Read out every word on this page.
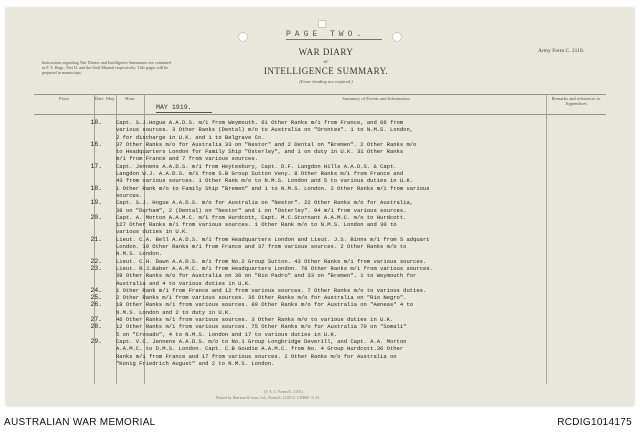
PAGE TWO.
WAR DIARY
or
INTELLIGENCE SUMMARY.
(Erase heading not required.)
Army Form C. 2118.
Instructions regarding War Diaries and Intelligence Summaries are contained in F. S. Regs., Part II. and the Staff Manual respectively. Title pages will be prepared in manuscript.
Place	Date. May.	Hour	Summary of Events and Information	Remarks and references to Appendices
MAY 1919.
18.	Capt. S.J.Hogue A.A.D.S. m/i from Weymouth. 61 Other Ranks m/i from France, and 66 from
various sources. 3 Other Ranks (Dental) m/o to Australia on "Orontes". 1 to N.M.S. London,
2 for discharge in U.K. and 1 to Belgrave Co.
16.	37 Other Ranks m/o for Australia 33 on "Nestor" and 2 Dental on "Bremen". 2 Other Ranks m/o
to Headquarters London for Family Ship "Osterley", and 1 on duty in U.K. 31 Other Ranks
m/i from France and 7 from various sources.
17.	Capt. Jennens A.A.D.S. m/i from Heytesbury, Capt. D.F. Langdon Hills A.A.D.S. & Capt.
Langdon W.J. A.A.D.S. m/i from S.B Group Sutton Veny. 8 Other Ranks m/i from France and
43 from various sources. 1 Other Rank m/o to N.M.S. London and 5 to various duties in U.K.
18.	1 Other Rank m/o to Family Ship "Bremen" and 1 to N.M.S. London. 2 Other Ranks m/i from various
sources.
19.	Capt. S.J. Hogue A.A.D.S. m/o for Australia on "Nestor". 22 Other Ranks m/o for Australia,
38 on "Durham", 2 (Dental) on "Nestor" and 1 on "Osterley". 94 m/i from various sources.
20.	Capt. A. Morton A.A.M.C. m/i from Hurdcott, Capt. M.C.Stornant A.A.M.C. m/o to Hurdcott.
127 Other Ranks m/i from various sources. 1 Other Rank m/o to N.M.S. London and 30 to
various duties in U.K.
21.	Lieut. C.A. Bell A.A.D.S. m/i from Headquarters London and Lieut. J.S. Binns m/i from S adquart
London. 19 Other Ranks m/i from France and 37 from various sources. 2 Other Ranks m/o to
N.M.S. London.
22.	Lieut. C.H. Dawn A.A.D.S. m/i from No.2 Group Sutton. 43 Other Ranks m/i from various sources.
23.	Lieut. R.J.Baber A.A.M.C. m/i from Headquarters London. 78 Other Ranks m/i from various sources.
39 Other Ranks m/o for Australia on 36 on "Rio Padro" and 33 on "Bremen". 1 to Weymouth for
Australia and 4 to various duties in U.K.
24.	1 Other Rank m/i from France and 12 from various sources. 7 Other Ranks m/o to various duties.
25.	2 Other Ranks m/i from various sources. 36 Other Ranks m/o for Australia on "Rio Negro".
26.	18 Other Ranks m/i from various sources. 80 Other Ranks m/o for Australia on "Aeneas" 4 to
N.M.S. London and 2 to duty in U.K.
27.	46 Other Ranks m/i from various sources. 3 Other Ranks m/o to various duties in U.K.
28.	12 Other Ranks m/i from various sources. 75 Other Ranks m/o for Australia 70 on "Somali"
5 on "Crosado", 4 to N.M.S. London and 17 to various duties in U.K.
29.	Capt. V.C. Jennens A.A.D.S. m/o to No.1 Group Longbridge Deverill, and Capt. A.A. Morton
A.A.M.C. to D.M.S. London. Capt. C.B Goudie A.A.M.C. from No. 4 Group Hurdcott.36 Other
Ranks m/i from France and 17 from various sources. 2 Other Ranks m/o for Australia on
"Konig Friedrich August" and 2 to N.M.S. London.
(T. A. C. Forms/C. 2118.)
Printed by Harrison & Sons, Ltd., Forms/C.2118/13. 1/20000. 11.15
AUSTRALIAN WAR MEMORIAL	RCDIG1014175
